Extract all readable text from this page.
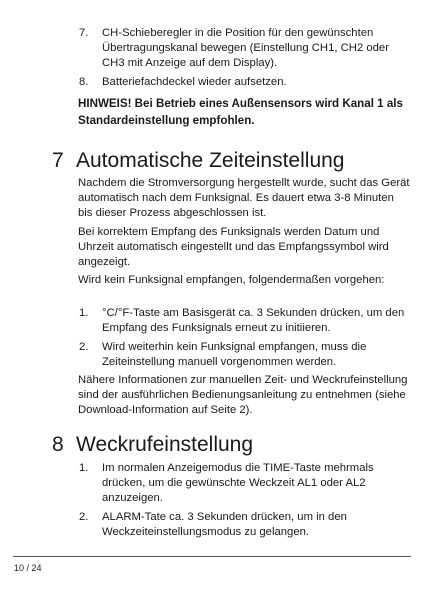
7. CH-Schieberegler in die Position für den gewünschten Übertragungskanal bewegen (Einstellung CH1, CH2 oder CH3 mit Anzeige auf dem Display).
8. Batteriefachdeckel wieder aufsetzen.
HINWEIS! Bei Betrieb eines Außensensors wird Kanal 1 als Standardeinstellung empfohlen.
7 Automatische Zeiteinstellung
Nachdem die Stromversorgung hergestellt wurde, sucht das Gerät automatisch nach dem Funksignal. Es dauert etwa 3-8 Minuten bis dieser Prozess abgeschlossen ist.
Bei korrektem Empfang des Funksignals werden Datum und Uhrzeit automatisch eingestellt und das Empfangssymbol wird angezeigt.
Wird kein Funksignal empfangen, folgendermaßen vorgehen:
1. °C/°F-Taste am Basisgerät ca. 3 Sekunden drücken, um den Empfang des Funksignals erneut zu initiieren.
2. Wird weiterhin kein Funksignal empfangen, muss die Zeiteinstellung manuell vorgenommen werden.
Nähere Informationen zur manuellen Zeit- und Weckrufeinstellung sind der ausführlichen Bedienungsanleitung zu entnehmen (siehe Download-Information auf Seite 2).
8 Weckrufeinstellung
1. Im normalen Anzeigemodus die TIME-Taste mehrmals drücken, um die gewünschte Weckzeit AL1 oder AL2 anzuzeigen.
2. ALARM-Tate ca. 3 Sekunden drücken, um in den Weckzeiteinstellungsmodus zu gelangen.
10 / 24
